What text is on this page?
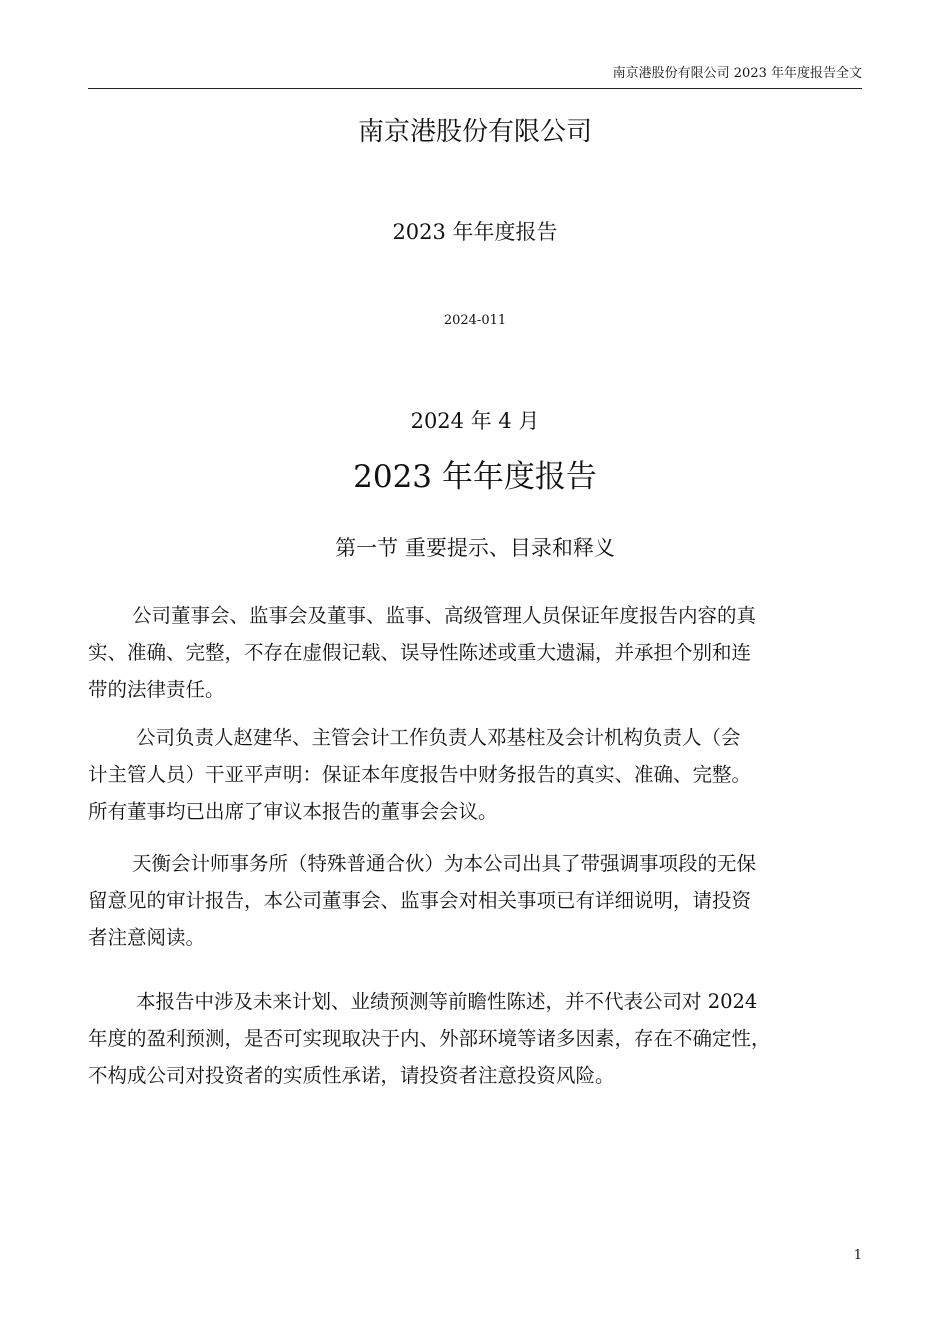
南京港股份有限公司 2023 年年度报告全文
南京港股份有限公司
2023 年年度报告
2024-011
2024 年 4 月
2023 年年度报告
第一节 重要提示、目录和释义
公司董事会、监事会及董事、监事、高级管理人员保证年度报告内容的真
实、准确、完整，不存在虚假记载、误导性陈述或重大遗漏，并承担个别和连
带的法律责任。
公司负责人赵建华、主管会计工作负责人邓基柱及会计机构负责人（会
计主管人员）干亚平声明：保证本年度报告中财务报告的真实、准确、完整。
所有董事均已出席了审议本报告的董事会会议。
天衡会计师事务所（特殊普通合伙）为本公司出具了带强调事项段的无保
留意见的审计报告，本公司董事会、监事会对相关事项已有详细说明，请投资
者注意阅读。
本报告中涉及未来计划、业绩预测等前瞻性陈述，并不代表公司对 2024
年度的盈利预测，是否可实现取决于内、外部环境等诸多因素，存在不确定性，
不构成公司对投资者的实质性承诺，请投资者注意投资风险。
1
